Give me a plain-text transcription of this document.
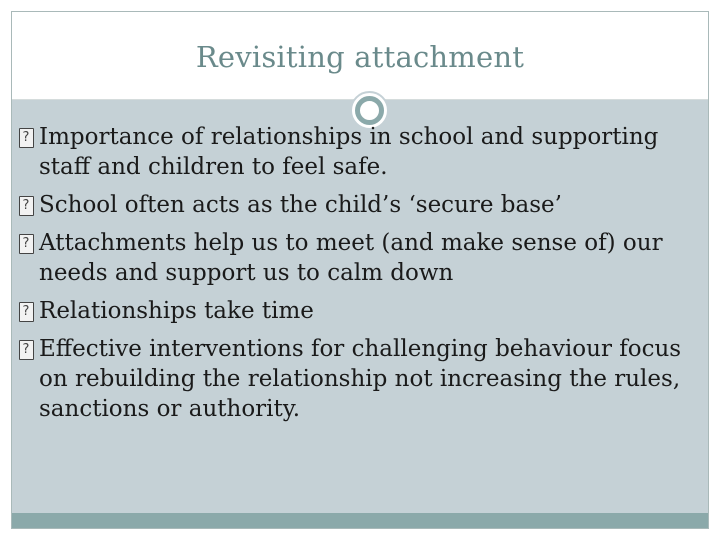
Revisiting attachment
?
Importance of relationships in school and supporting staff and children to feel safe.
?
School often acts as the child’s ‘secure base’
?
Attachments help us to meet (and make sense of) our needs and support us to calm down
?
Relationships take time
?
Effective interventions for challenging behaviour focus on rebuilding the relationship not increasing the rules, sanctions or authority.
